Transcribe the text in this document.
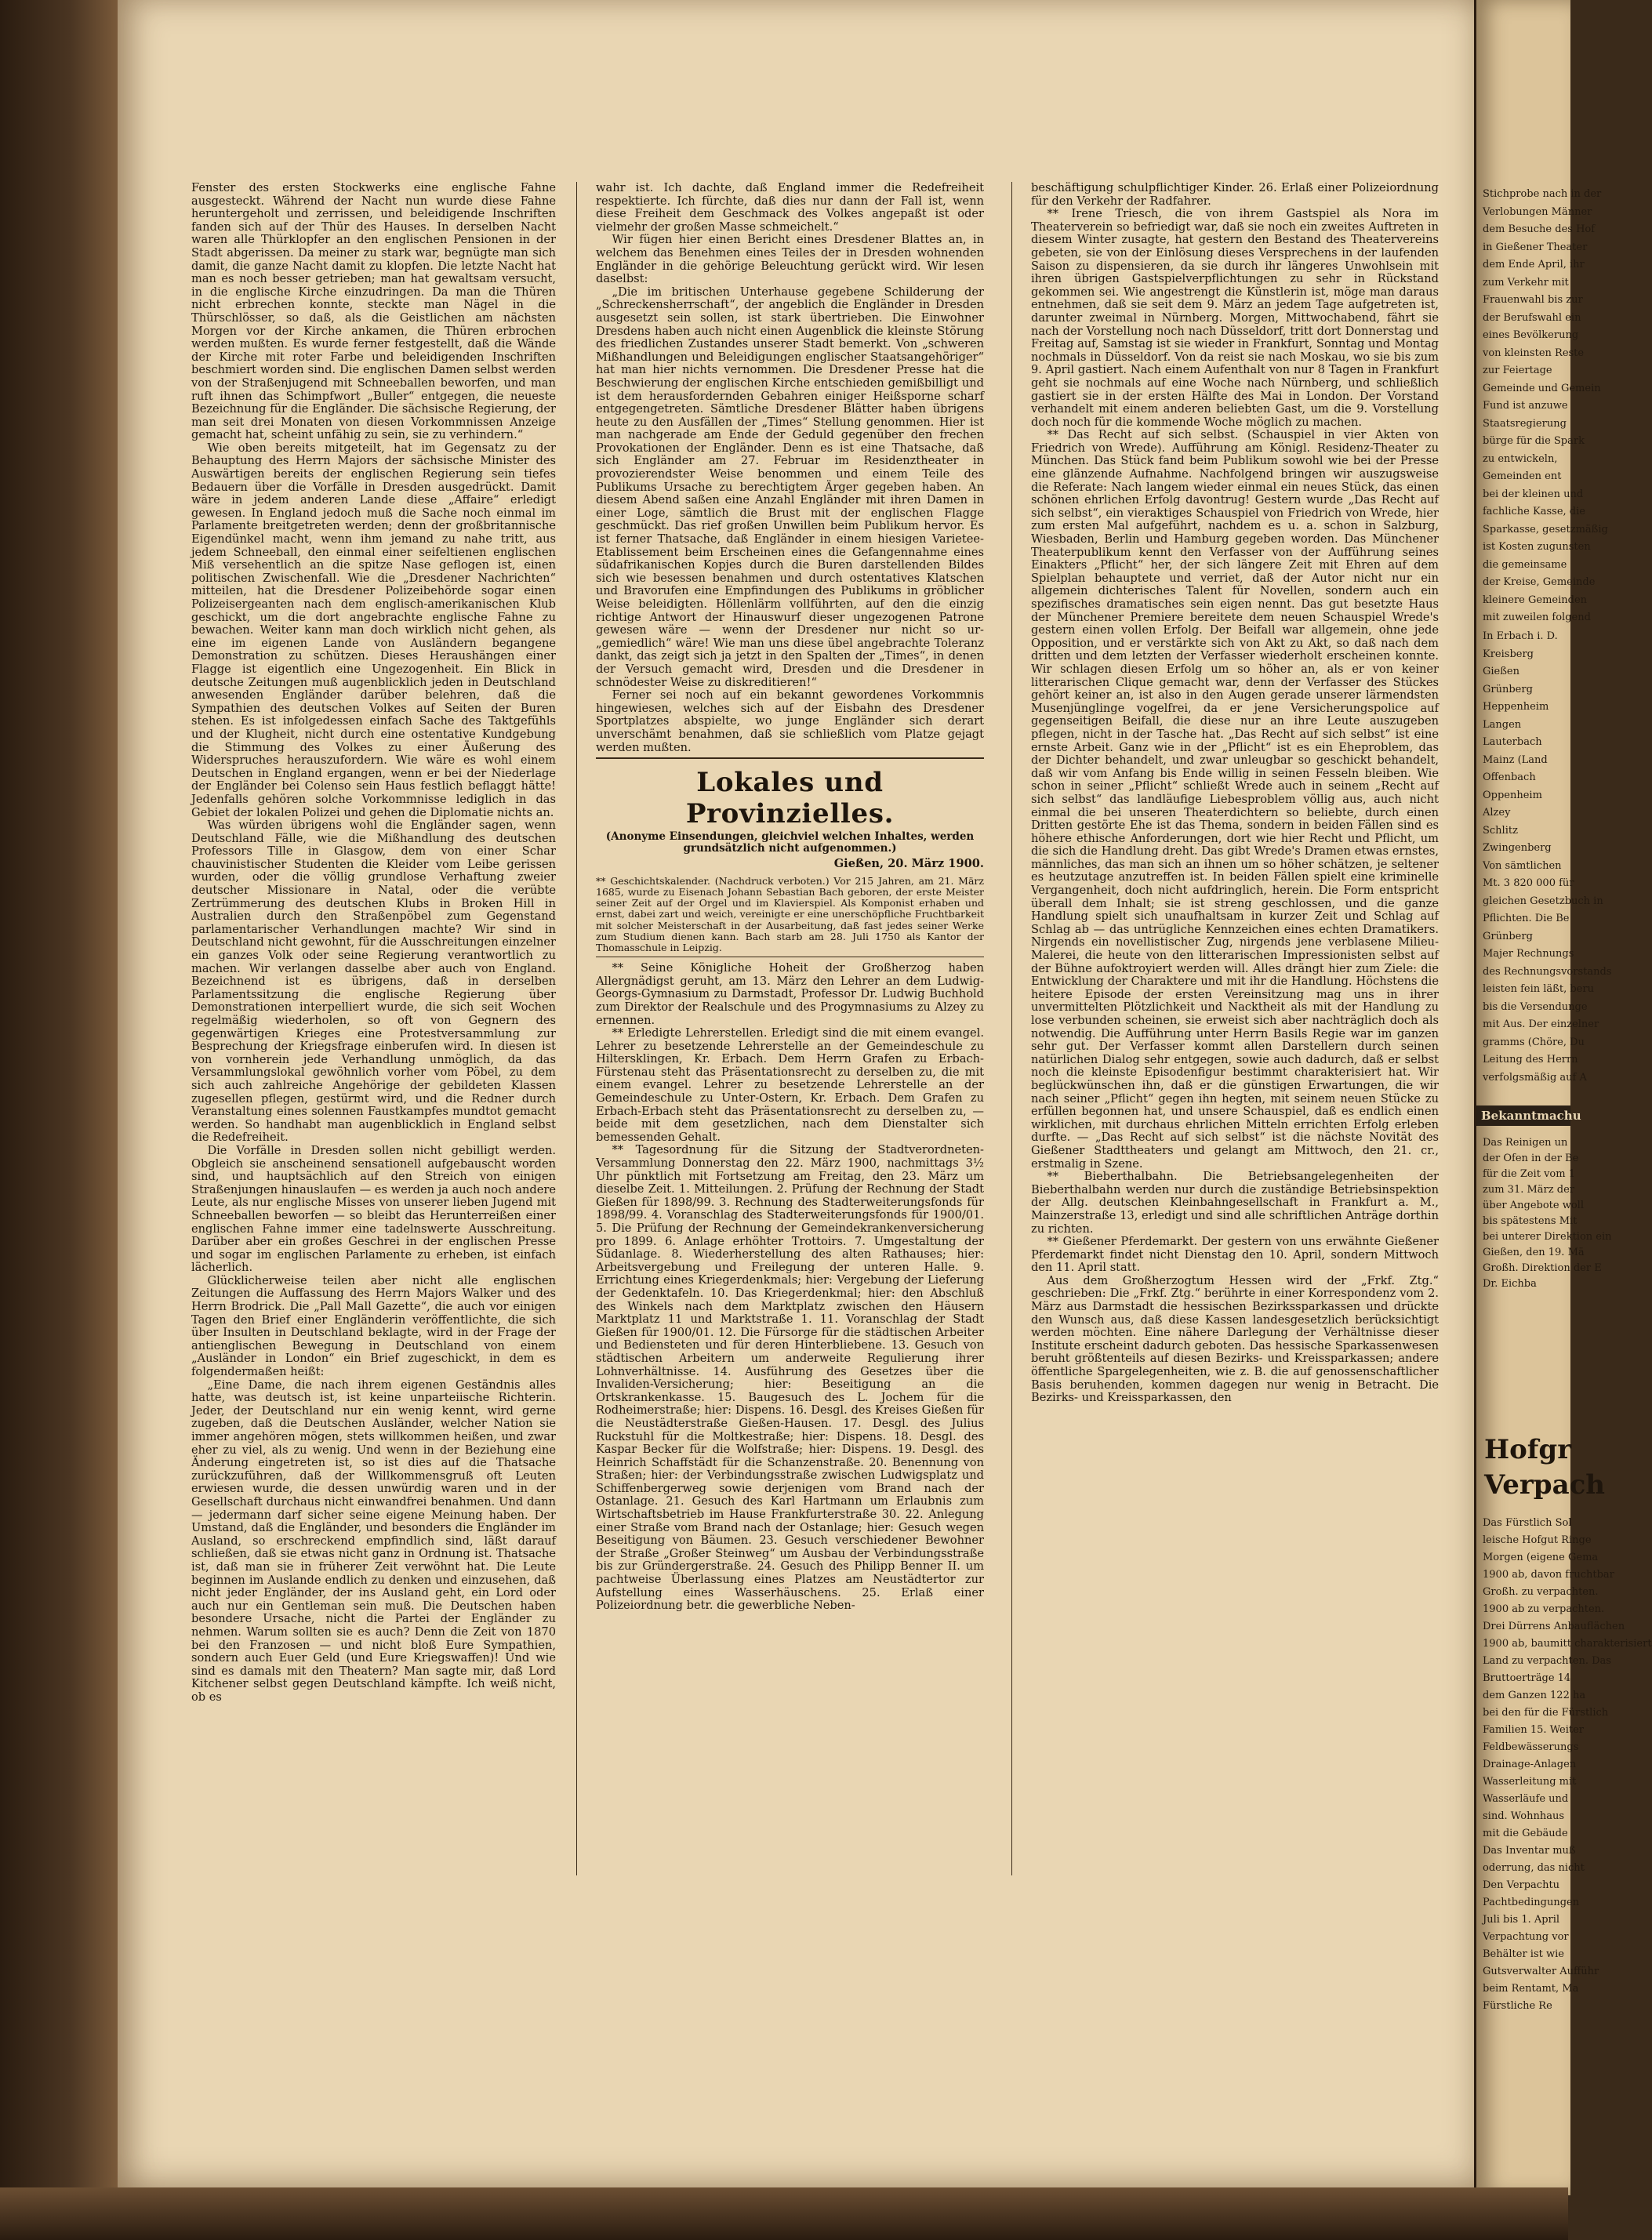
Fenster des ersten Stockwerks eine englische Fahne ausgesteckt. Während der Nacht nun wurde diese Fahne heruntergeholt und zerrissen, und beleidigende Inschriften fanden sich auf der Thür des Hauses. In derselben Nacht waren alle Thürklopfer an den englischen Pensionen in der Stadt abgerissen. Da meiner zu stark war, begnügte man sich damit, die ganze Nacht damit zu klopfen. Die letzte Nacht hat man es noch besser getrieben; man hat gewaltsam versucht, in die englische Kirche einzudringen. Da man die Thüren nicht erbrechen konnte, steckte man Nägel in die Thürschlösser, so daß, als die Geistlichen am nächsten Morgen vor der Kirche ankamen, die Thüren erbrochen werden mußten. Es wurde ferner festgestellt, daß die Wände der Kirche mit roter Farbe und beleidigenden Inschriften beschmiert worden sind. Die englischen Damen selbst werden von der Straßenjugend mit Schneeballen beworfen, und man ruft ihnen das Schimpfwort „Buller“ entgegen, die neueste Bezeichnung für die Engländer. Die sächsische Regierung, der man seit drei Monaten von diesen Vorkommnissen Anzeige gemacht hat, scheint unfähig zu sein, sie zu verhindern.“

Wie oben bereits mitgeteilt, hat im Gegensatz zu der Behauptung des Herrn Majors der sächsische Minister des Auswärtigen bereits der englischen Regierung sein tiefes Bedauern über die Vorfälle in Dresden ausgedrückt. Damit wäre in jedem anderen Lande diese „Affaire“ erledigt gewesen. In England jedoch muß die Sache noch einmal im Parlamente breitgetreten werden; denn der großbritannische Eigendünkel macht, wenn ihm jemand zu nahe tritt, aus jedem Schneeball, den einmal einer seifeltienen englischen Miß versehentlich an die spitze Nase geflogen ist, einen politischen Zwischenfall. Wie die „Dresdener Nachrichten“ mitteilen, hat die Dresdener Polizeibehörde sogar einen Polizeisergeanten nach dem englisch-amerikanischen Klub geschickt, um die dort angebrachte englische Fahne zu bewachen. Weiter kann man doch wirklich nicht gehen, als eine im eigenen Lande von Ausländern begangene Demonstration zu schützen. Dieses Heraushängen einer Flagge ist eigentlich eine Ungezogenheit. Ein Blick in deutsche Zeitungen muß augenblicklich jeden in Deutschland anwesenden Engländer darüber belehren, daß die Sympathien des deutschen Volkes auf Seiten der Buren stehen. Es ist infolgedessen einfach Sache des Taktgefühls und der Klugheit, nicht durch eine ostentative Kundgebung die Stimmung des Volkes zu einer Äußerung des Widerspruches herauszufordern. Wie wäre es wohl einem Deutschen in England ergangen, wenn er bei der Niederlage der Engländer bei Colenso sein Haus festlich beflaggt hätte! Jedenfalls gehören solche Vorkommnisse lediglich in das Gebiet der lokalen Polizei und gehen die Diplomatie nichts an.

Was würden übrigens wohl die Engländer sagen, wenn Deutschland Fälle, wie die Mißhandlung des deutschen Professors Tille in Glasgow, dem von einer Schar chauvinistischer Studenten die Kleider vom Leibe gerissen wurden, oder die völlig grundlose Verhaftung zweier deutscher Missionare in Natal, oder die verübte Zertrümmerung des deutschen Klubs in Broken Hill in Australien durch den Straßenpöbel zum Gegenstand parlamentarischer Verhandlungen machte? Wir sind in Deutschland nicht gewohnt, für die Ausschreitungen einzelner ein ganzes Volk oder seine Regierung verantwortlich zu machen. Wir verlangen dasselbe aber auch von England. Bezeichnend ist es übrigens, daß in derselben Parlamentssitzung die englische Regierung über Demonstrationen interpelliert wurde, die sich seit Wochen regelmäßig wiederholen, so oft von Gegnern des gegenwärtigen Krieges eine Protestversammlung zur Besprechung der Kriegsfrage einberufen wird. In diesen ist von vornherein jede Verhandlung unmöglich, da das Versammlungslokal gewöhnlich vorher vom Pöbel, zu dem sich auch zahlreiche Angehörige der gebildeten Klassen zugesellen pflegen, gestürmt wird, und die Redner durch Veranstaltung eines solennen Faustkampfes mundtot gemacht werden. So handhabt man augenblicklich in England selbst die Redefreiheit.

Die Vorfälle in Dresden sollen nicht gebilligt werden. Obgleich sie anscheinend sensationell aufgebauscht worden sind, und hauptsächlich auf den Streich von einigen Straßenjungen hinauslaufen — es werden ja auch noch andere Leute, als nur englische Misses von unserer lieben Jugend mit Schneeballen beworfen — so bleibt das Herunterreißen einer englischen Fahne immer eine tadelnswerte Ausschreitung. Darüber aber ein großes Geschrei in der englischen Presse und sogar im englischen Parlamente zu erheben, ist einfach lächerlich.

Glücklicherweise teilen aber nicht alle englischen Zeitungen die Auffassung des Herrn Majors Walker und des Herrn Brodrick. Die „Pall Mall Gazette“, die auch vor einigen Tagen den Brief einer Engländerin veröffentlichte, die sich über Insulten in Deutschland beklagte, wird in der Frage der antienglischen Bewegung in Deutschland von einem „Ausländer in London“ ein Brief zugeschickt, in dem es folgendermaßen heißt:

„Eine Dame, die nach ihrem eigenen Geständnis alles hatte, was deutsch ist, ist keine unparteiische Richterin. Jeder, der Deutschland nur ein wenig kennt, wird gerne zugeben, daß die Deutschen Ausländer, welcher Nation sie immer angehören mögen, stets willkommen heißen, und zwar eher zu viel, als zu wenig. Und wenn in der Beziehung eine Änderung eingetreten ist, so ist dies auf die Thatsache zurückzuführen, daß der Willkommensgruß oft Leuten erwiesen wurde, die dessen unwürdig waren und in der Gesellschaft durchaus nicht einwandfrei benahmen. Und dann — jedermann darf sicher seine eigene Meinung haben. Der Umstand, daß die Engländer, und besonders die Engländer im Ausland, so erschreckend empfindlich sind, läßt darauf schließen, daß sie etwas nicht ganz in Ordnung ist. Thatsache ist, daß man sie in früherer Zeit verwöhnt hat. Die Leute beginnen im Auslande endlich zu denken und einzusehen, daß nicht jeder Engländer, der ins Ausland geht, ein Lord oder auch nur ein Gentleman sein muß. Die Deutschen haben besondere Ursache, nicht die Partei der Engländer zu nehmen. Warum sollten sie es auch? Denn die Zeit von 1870 bei den Franzosen — und nicht bloß Eure Sympathien, sondern auch Euer Geld (und Eure Kriegswaffen)! Und wie sind es damals mit den Theatern? Man sagte mir, daß Lord Kitchener selbst gegen Deutschland kämpfte. Ich weiß nicht, ob es

wahr ist. Ich dachte, daß England immer die Redefreiheit respektierte. Ich fürchte, daß dies nur dann der Fall ist, wenn diese Freiheit dem Geschmack des Volkes angepaßt ist oder vielmehr der großen Masse schmeichelt.“

Wir fügen hier einen Bericht eines Dresdener Blattes an, in welchem das Benehmen eines Teiles der in Dresden wohnenden Engländer in die gehörige Beleuchtung gerückt wird. Wir lesen daselbst:

„Die im britischen Unterhause gegebene Schilderung der „Schreckensherrschaft“, der angeblich die Engländer in Dresden ausgesetzt sein sollen, ist stark übertrieben. Die Einwohner Dresdens haben auch nicht einen Augenblick die kleinste Störung des friedlichen Zustandes unserer Stadt bemerkt. Von „schweren Mißhandlungen und Beleidigungen englischer Staatsangehöriger“ hat man hier nichts vernommen. Die Dresdener Presse hat die Beschwierung der englischen Kirche entschieden gemißbilligt und ist dem herausfordernden Gebahren einiger Heißsporne scharf entgegengetreten. Sämtliche Dresdener Blätter haben übrigens heute zu den Ausfällen der „Times“ Stellung genommen. Hier ist man nachgerade am Ende der Geduld gegenüber den frechen Provokationen der Engländer. Denn es ist eine Thatsache, daß sich Engländer am 27. Februar im Residenztheater in provozierendster Weise benommen und einem Teile des Publikums Ursache zu berechtigtem Ärger gegeben haben. An diesem Abend saßen eine Anzahl Engländer mit ihren Damen in einer Loge, sämtlich die Brust mit der englischen Flagge geschmückt. Das rief großen Unwillen beim Publikum hervor. Es ist ferner Thatsache, daß Engländer in einem hiesigen Varietee-Etablissement beim Erscheinen eines die Gefangennahme eines südafrikanischen Kopjes durch die Buren darstellenden Bildes sich wie besessen benahmen und durch ostentatives Klatschen und Bravorufen eine Empfindungen des Publikums in gröblicher Weise beleidigten. Höllenlärm vollführten, auf den die einzig richtige Antwort der Hinauswurf dieser ungezogenen Patrone gewesen wäre — wenn der Dresdener nur nicht so ur-„gemiedlich“ wäre! Wie man uns diese übel angebrachte Toleranz dankt, das zeigt sich ja jetzt in den Spalten der „Times“, in denen der Versuch gemacht wird, Dresden und die Dresdener in schnödester Weise zu diskreditieren!“

Ferner sei noch auf ein bekannt gewordenes Vorkommnis hingewiesen, welches sich auf der Eisbahn des Dresdener Sportplatzes abspielte, wo junge Engländer sich derart unverschämt benahmen, daß sie schließlich vom Platze gejagt werden mußten.

Lokales und Provinzielles.
(Anonyme Einsendungen, gleichviel welchen Inhaltes, werden grundsätzlich nicht aufgenommen.)
Gießen, 20. März 1900.
** Geschichtskalender. (Nachdruck verboten.) Vor 215 Jahren, am 21. März 1685, wurde zu Eisenach Johann Sebastian Bach geboren, der erste Meister seiner Zeit auf der Orgel und im Klavierspiel. Als Komponist erhaben und ernst, dabei zart und weich, vereinigte er eine unerschöpfliche Fruchtbarkeit mit solcher Meisterschaft in der Ausarbeitung, daß fast jedes seiner Werke zum Studium dienen kann. Bach starb am 28. Juli 1750 als Kantor der Thomasschule in Leipzig.

** Seine Königliche Hoheit der Großherzog haben Allergnädigst geruht, am 13. März den Lehrer an dem Ludwig-Georgs-Gymnasium zu Darmstadt, Professor Dr. Ludwig Buchhold zum Direktor der Realschule und des Progymnasiums zu Alzey zu ernennen.

** Erledigte Lehrerstellen. Erledigt sind die mit einem evangel. Lehrer zu besetzende Lehrerstelle an der Gemeindeschule zu Hiltersklingen, Kr. Erbach. Dem Herrn Grafen zu Erbach-Fürstenau steht das Präsentationsrecht zu derselben zu, die mit einem evangel. Lehrer zu besetzende Lehrerstelle an der Gemeindeschule zu Unter-Ostern, Kr. Erbach. Dem Grafen zu Erbach-Erbach steht das Präsentationsrecht zu derselben zu, — beide mit dem gesetzlichen, nach dem Dienstalter sich bemessenden Gehalt.

** Tagesordnung für die Sitzung der Stadtverordneten-Versammlung Donnerstag den 22. März 1900, nachmittags 3½ Uhr pünktlich mit Fortsetzung am Freitag, den 23. März um dieselbe Zeit. 1. Mitteilungen. 2. Prüfung der Rechnung der Stadt Gießen für 1898/99. 3. Rechnung des Stadterweiterungsfonds für 1898/99. 4. Voranschlag des Stadterweiterungsfonds für 1900/01. 5. Die Prüfung der Rechnung der Gemeindekrankenversicherung pro 1899. 6. Anlage erhöhter Trottoirs. 7. Umgestaltung der Südanlage. 8. Wiederherstellung des alten Rathauses; hier: Arbeitsvergebung und Freilegung der unteren Halle. 9. Errichtung eines Kriegerdenkmals; hier: Vergebung der Lieferung der Gedenktafeln. 10. Das Kriegerdenkmal; hier: den Abschluß des Winkels nach dem Marktplatz zwischen den Häusern Marktplatz 11 und Marktstraße 1. 11. Voranschlag der Stadt Gießen für 1900/01. 12. Die Fürsorge für die städtischen Arbeiter und Bediensteten und für deren Hinterbliebene. 13. Gesuch von städtischen Arbeitern um anderweite Regulierung ihrer Lohnverhältnisse. 14. Ausführung des Gesetzes über die Invaliden-Versicherung; hier: Beseitigung an die Ortskrankenkasse. 15. Baugesuch des L. Jochem für die Rodheimerstraße; hier: Dispens. 16. Desgl. des Kreises Gießen für die Neustädterstraße Gießen-Hausen. 17. Desgl. des Julius Ruckstuhl für die Moltkestraße; hier: Dispens. 18. Desgl. des Kaspar Becker für die Wolfstraße; hier: Dispens. 19. Desgl. des Heinrich Schaffstädt für die Schanzenstraße. 20. Benennung von Straßen; hier: der Verbindungsstraße zwischen Ludwigsplatz und Schiffenbergerweg sowie derjenigen vom Brand nach der Ostanlage. 21. Gesuch des Karl Hartmann um Erlaubnis zum Wirtschaftsbetrieb im Hause Frankfurterstraße 30. 22. Anlegung einer Straße vom Brand nach der Ostanlage; hier: Gesuch wegen Beseitigung von Bäumen. 23. Gesuch verschiedener Bewohner der Straße „Großer Steinweg“ um Ausbau der Verbindungsstraße bis zur Gründergerstraße. 24. Gesuch des Philipp Benner II. um pachtweise Überlassung eines Platzes am Neustädtertor zur Aufstellung eines Wasserhäuschens. 25. Erlaß einer Polizeiordnung betr. die gewerbliche Neben-

beschäftigung schulpflichtiger Kinder. 26. Erlaß einer Polizeiordnung für den Verkehr der Radfahrer.

** Irene Triesch, die von ihrem Gastspiel als Nora im Theaterverein so befriedigt war, daß sie noch ein zweites Auftreten in diesem Winter zusagte, hat gestern den Bestand des Theatervereins gebeten, sie von der Einlösung dieses Versprechens in der laufenden Saison zu dispensieren, da sie durch ihr längeres Unwohlsein mit ihren übrigen Gastspielverpflichtungen zu sehr in Rückstand gekommen sei. Wie angestrengt die Künstlerin ist, möge man daraus entnehmen, daß sie seit dem 9. März an jedem Tage aufgetreten ist, darunter zweimal in Nürnberg. Morgen, Mittwochabend, fährt sie nach der Vorstellung noch nach Düsseldorf, tritt dort Donnerstag und Freitag auf, Samstag ist sie wieder in Frankfurt, Sonntag und Montag nochmals in Düsseldorf. Von da reist sie nach Moskau, wo sie bis zum 9. April gastiert. Nach einem Aufenthalt von nur 8 Tagen in Frankfurt geht sie nochmals auf eine Woche nach Nürnberg, und schließlich gastiert sie in der ersten Hälfte des Mai in London. Der Vorstand verhandelt mit einem anderen beliebten Gast, um die 9. Vorstellung doch noch für die kommende Woche möglich zu machen.

** Das Recht auf sich selbst. (Schauspiel in vier Akten von Friedrich von Wrede). Aufführung am Königl. Residenz-Theater zu München. Das Stück fand beim Publikum sowohl wie bei der Presse eine glänzende Aufnahme. Nachfolgend bringen wir auszugsweise die Referate: Nach langem wieder einmal ein neues Stück, das einen schönen ehrlichen Erfolg davontrug! Gestern wurde „Das Recht auf sich selbst“, ein vieraktiges Schauspiel von Friedrich von Wrede, hier zum ersten Mal aufgeführt, nachdem es u. a. schon in Salzburg, Wiesbaden, Berlin und Hamburg gegeben worden. Das Münchener Theaterpublikum kennt den Verfasser von der Aufführung seines Einakters „Pflicht“ her, der sich längere Zeit mit Ehren auf dem Spielplan behauptete und verriet, daß der Autor nicht nur ein allgemein dichterisches Talent für Novellen, sondern auch ein spezifisches dramatisches sein eigen nennt. Das gut besetzte Haus der Münchener Premiere bereitete dem neuen Schauspiel Wrede's gestern einen vollen Erfolg. Der Beifall war allgemein, ohne jede Opposition, und er verstärkte sich von Akt zu Akt, so daß nach dem dritten und dem letzten der Verfasser wiederholt erscheinen konnte. Wir schlagen diesen Erfolg um so höher an, als er von keiner litterarischen Clique gemacht war, denn der Verfasser des Stückes gehört keiner an, ist also in den Augen gerade unserer lärmendsten Musenjünglinge vogelfrei, da er jene Versicherungspolice auf gegenseitigen Beifall, die diese nur an ihre Leute auszugeben pflegen, nicht in der Tasche hat. „Das Recht auf sich selbst“ ist eine ernste Arbeit. Ganz wie in der „Pflicht“ ist es ein Eheproblem, das der Dichter behandelt, und zwar unleugbar so geschickt behandelt, daß wir vom Anfang bis Ende willig in seinen Fesseln bleiben. Wie schon in seiner „Pflicht“ schließt Wrede auch in seinem „Recht auf sich selbst“ das landläufige Liebesproblem völlig aus, auch nicht einmal die bei unseren Theaterdichtern so beliebte, durch einen Dritten gestörte Ehe ist das Thema, sondern in beiden Fällen sind es höhere ethische Anforderungen, dort wie hier Recht und Pflicht, um die sich die Handlung dreht. Das gibt Wrede's Dramen etwas ernstes, männliches, das man sich an ihnen um so höher schätzen, je seltener es heutzutage anzutreffen ist. In beiden Fällen spielt eine kriminelle Vergangenheit, doch nicht aufdringlich, herein. Die Form entspricht überall dem Inhalt; sie ist streng geschlossen, und die ganze Handlung spielt sich unaufhaltsam in kurzer Zeit und Schlag auf Schlag ab — das untrügliche Kennzeichen eines echten Dramatikers. Nirgends ein novellistischer Zug, nirgends jene verblasene Milieu-Malerei, die heute von den litterarischen Impressionisten selbst auf der Bühne aufoktroyiert werden will. Alles drängt hier zum Ziele: die Entwicklung der Charaktere und mit ihr die Handlung. Höchstens die heitere Episode der ersten Vereinsitzung mag uns in ihrer unvermittelten Plötzlichkeit und Nacktheit als mit der Handlung zu lose verbunden scheinen, sie erweist sich aber nachträglich doch als notwendig. Die Aufführung unter Herrn Basils Regie war im ganzen sehr gut. Der Verfasser kommt allen Darstellern durch seinen natürlichen Dialog sehr entgegen, sowie auch dadurch, daß er selbst noch die kleinste Episodenfigur bestimmt charakterisiert hat. Wir beglückwünschen ihn, daß er die günstigen Erwartungen, die wir nach seiner „Pflicht“ gegen ihn hegten, mit seinem neuen Stücke zu erfüllen begonnen hat, und unsere Schauspiel, daß es endlich einen wirklichen, mit durchaus ehrlichen Mitteln errichten Erfolg erleben durfte. — „Das Recht auf sich selbst“ ist die nächste Novität des Gießener Stadttheaters und gelangt am Mittwoch, den 21. cr., erstmalig in Szene.

** Bieberthalbahn. Die Betriebsangelegenheiten der Bieberthalbahn werden nur durch die zuständige Betriebsinspektion der Allg. deutschen Kleinbahngesellschaft in Frankfurt a. M., Mainzerstraße 13, erledigt und sind alle schriftlichen Anträge dorthin zu richten.

** Gießener Pferdemarkt. Der gestern von uns erwähnte Gießener Pferdemarkt findet nicht Dienstag den 10. April, sondern Mittwoch den 11. April statt.

Aus dem Großherzogtum Hessen wird der „Frkf. Ztg.“ geschrieben: Die „Frkf. Ztg.“ berührte in einer Korrespondenz vom 2. März aus Darmstadt die hessischen Bezirkssparkassen und drückte den Wunsch aus, daß diese Kassen landesgesetzlich berücksichtigt werden möchten. Eine nähere Darlegung der Verhältnisse dieser Institute erscheint dadurch geboten. Das hessische Sparkassenwesen beruht größtenteils auf diesen Bezirks- und Kreissparkassen; andere öffentliche Spargelegenheiten, wie z. B. die auf genossenschaftlicher Basis beruhenden, kommen dagegen nur wenig in Betracht. Die Bezirks- und Kreissparkassen, den

Stichprobe nach in der
Verlobungen Männer
dem Besuche des Hof
in Gießener Theater
dem Ende April, ihr
zum Verkehr mit
Frauenwahl bis zur
der Berufswahl ein
eines Bevölkerung
von kleinsten Reste
zur Feiertage
Gemeinde und Gemein
Fund ist anzuwe
Staatsregierung
bürge für die Spark
zu entwickeln,
Gemeinden ent
bei der kleinen und
fachliche Kasse, die
Sparkasse, gesetzmäßig
ist Kosten zugunsten
die gemeinsame
der Kreise, Gemeinde
kleinere Gemeinden
mit zuweilen folgend
In Erbach i. D.
Kreisberg
Gießen
Grünberg
Heppenheim
Langen
Lauterbach
Mainz (Land
Offenbach
Oppenheim
Alzey
Schlitz
Zwingenberg
Von sämtlichen
Mt. 3 820 000 für
gleichen Gesetzbuch in
Pflichten. Die Be
Grünberg
Majer Rechnungs
des Rechnungsvorstands
leisten fein läßt, beru
bis die Versendunge
mit Aus. Der einzelner
gramms (Chöre, Du
Leitung des Herrn
verfolgsmäßig auf A
Bekanntmachu
Das Reinigen un
der Ofen in der Be
für die Zeit vom 1
zum 31. März der
über Angebote woll
bis spätestens Mit
bei unterer Direktion ein
Gießen, den 19. Mä
Großh. Direktion der E
Dr. Eichba
Hofgr
Verpach
Das Fürstlich Sol
leische Hofgut Ringe
Morgen (eigene Gema
1900 ab, davon fruchtbar
Großh. zu verpachten.
1900 ab zu verpachten.
Drei Dürrens Anbauflächen
1900 ab, baumitt charakterisiert
Land zu verpachten. Das
Bruttoerträge 14
dem Ganzen 122 ha
bei den für die Fürstlich
Familien 15. Weiter
Feldbewässerungs
Drainage-Anlagen
Wasserleitung mit
Wasserläufe und
sind. Wohnhaus
mit die Gebäude
Das Inventar muß
oderrung, das nicht
Den Verpachtu
Pachtbedingungen
Juli bis 1. April
Verpachtung vor
Behälter ist wie
Gutsverwalter Aufführ
beim Rentamt, Ma
Fürstliche Re
